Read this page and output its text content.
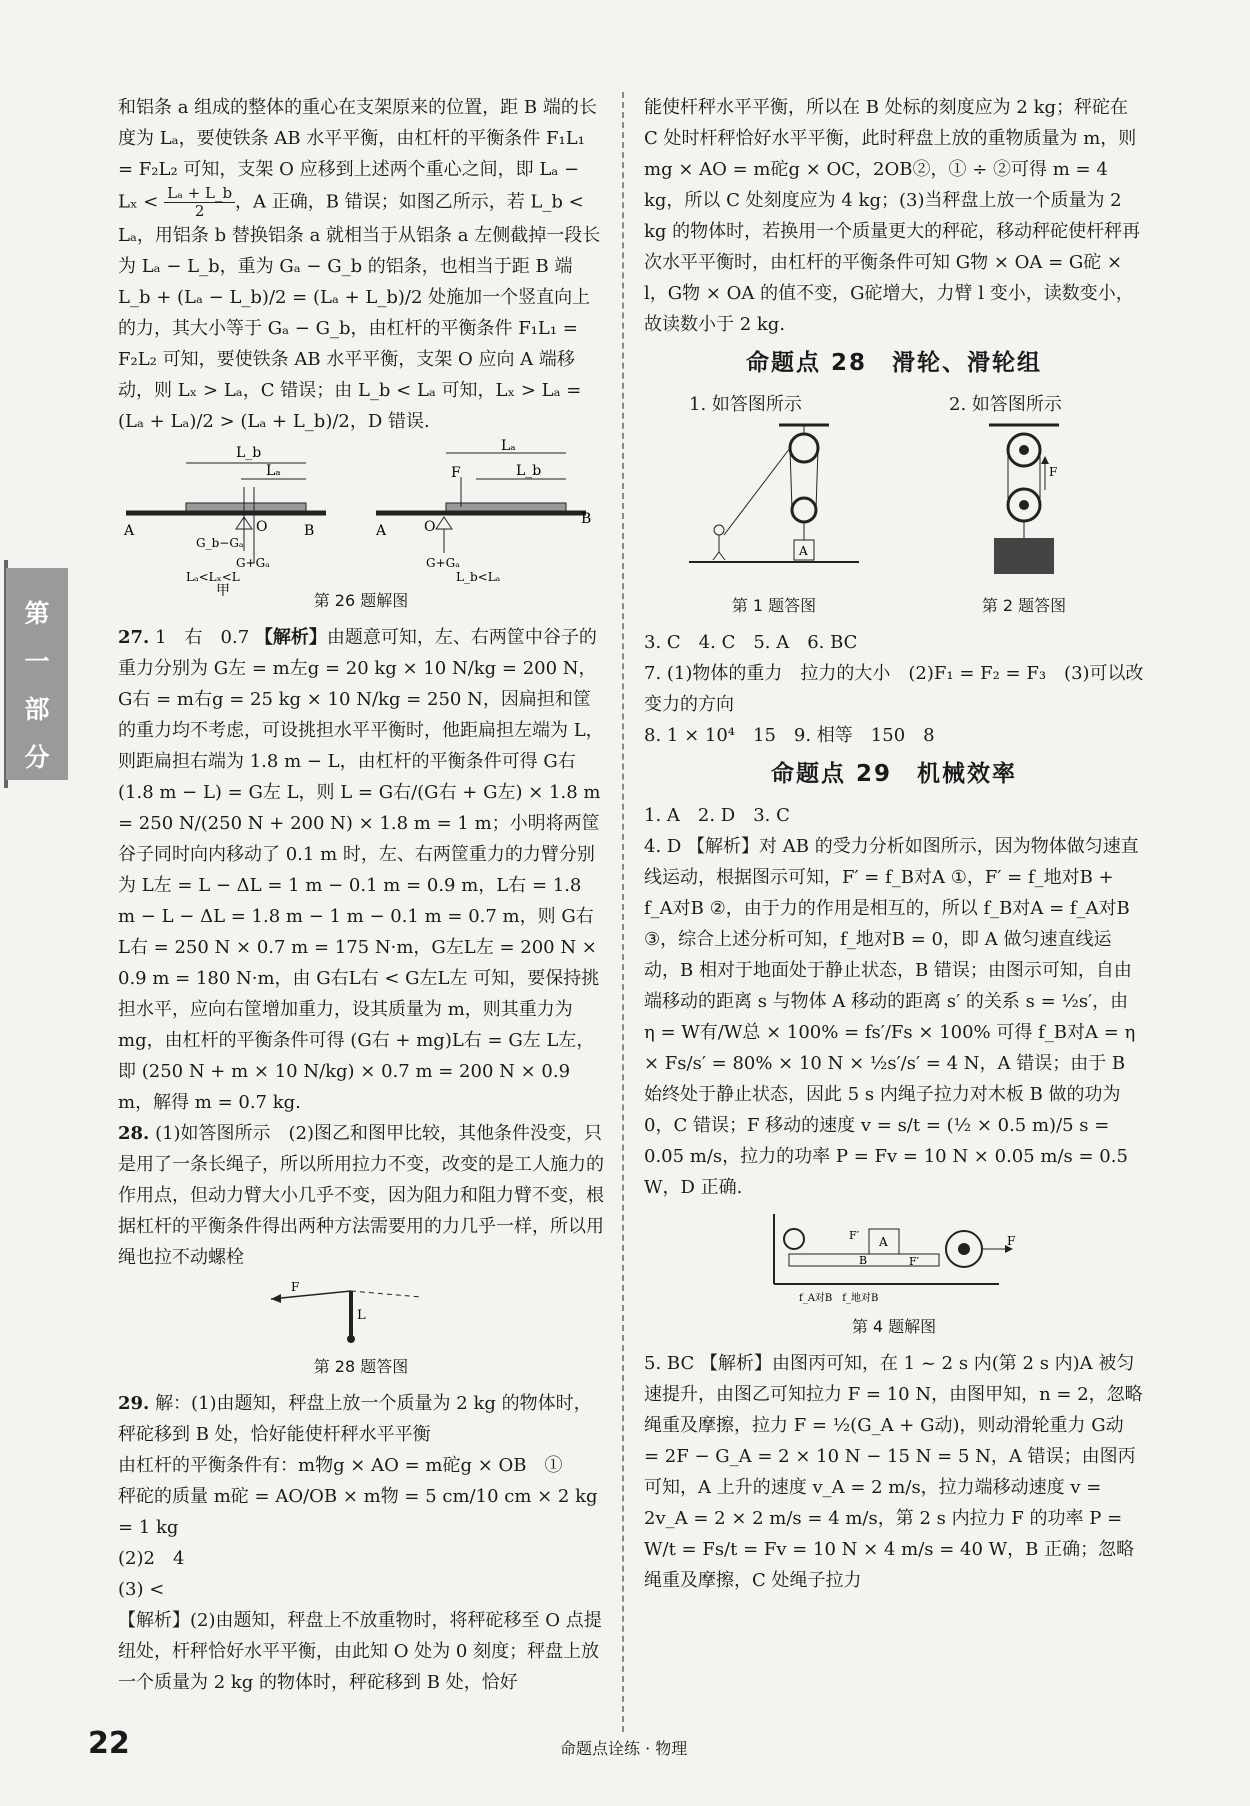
第一部分

和铝条 a 组成的整体的重心在支架原来的位置，距 B 端的长度为 Lₐ，要使铁条 AB 水平平衡，由杠杆的平衡条件 F₁L₁ = F₂L₂ 可知，支架 O 应移到上述两个重心之间，即 $L_a - L_x < \frac{\text{Lₐ + L\_b}}{2}$ ，A 正确，B 错误；如图乙所示，若 L_b < Lₐ，用铝条 b 替换铝条 a 就相当于从铝条 a 左侧截掉一段长为 Lₐ − L_b，重为 Gₐ − G_b 的铝条，也相当于距 B 端 L_b + (Lₐ − L_b)/2 = (Lₐ + L_b)/2 处施加一个竖直向上的力，其大小等于 Gₐ − G_b，由杠杆的平衡条件 F₁L₁ = F₂L₂ 可知，要使铁条 AB 水平平衡，支架 O 应向 A 端移动，则 Lₓ > Lₐ，C 错误；由 L_b < Lₐ 可知，Lₓ > Lₐ = (Lₐ + Lₐ)/2 > (Lₐ + L_b)/2，D 错误.

L_b
Lₐ
A	B
O
G_b−Gₐ
G+Gₐ
Lₐ<Lₓ<L
甲
Lₐ
L_b
F
A
B
O
G+Gₐ
L_b<Lₐ
第 26 题解图

27. 1　右　0.7 【解析】由题意可知，左、右两筐中谷子的重力分别为 G左 = m左g = 20 kg × 10 N/kg = 200 N，G右 = m右g = 25 kg × 10 N/kg = 250 N，因扁担和筐的重力均不考虑，可设挑担水平平衡时，他距扁担左端为 L，则距扁担右端为 1.8 m − L，由杠杆的平衡条件可得 G右(1.8 m − L) = G左 L，则 L = G右/(G右 + G左) × 1.8 m = 250 N/(250 N + 200 N) × 1.8 m = 1 m；小明将两筐谷子同时向内移动了 0.1 m 时，左、右两筐重力的力臂分别为 L左 = L − ΔL = 1 m − 0.1 m = 0.9 m，L右 = 1.8 m − L − ΔL = 1.8 m − 1 m − 0.1 m = 0.7 m，则 G右L右 = 250 N × 0.7 m = 175 N·m，G左L左 = 200 N × 0.9 m = 180 N·m，由 G右L右 < G左L左 可知，要保持挑担水平，应向右筐增加重力，设其质量为 m，则其重力为 mg，由杠杆的平衡条件可得 (G右 + mg)L右 = G左 L左，即 (250 N + m × 10 N/kg) × 0.7 m = 200 N × 0.9 m，解得 m = 0.7 kg.

28. (1)如答图所示　(2)图乙和图甲比较，其他条件没变，只是用了一条长绳子，所以所用拉力不变，改变的是工人施力的作用点，但动力臂大小几乎不变，因为阻力和阻力臂不变，根据杠杆的平衡条件得出两种方法需要用的力几乎一样，所以用绳也拉不动螺栓

F
L
第 28 题答图

29. 解：(1)由题知，秤盘上放一个质量为 2 kg 的物体时，秤砣移到 B 处，恰好能使杆秤水平平衡

由杠杆的平衡条件有：m物g × AO = m砣g × OB　①

秤砣的质量 m砣 = AO/OB × m物 = 5 cm/10 cm × 2 kg = 1 kg

(2)2　4

(3) <

【解析】(2)由题知，秤盘上不放重物时，将秤砣移至 O 点提纽处，杆秤恰好水平平衡，由此知 O 处为 0 刻度；秤盘上放一个质量为 2 kg 的物体时，秤砣移到 B 处，恰好

能使杆秤水平平衡，所以在 B 处标的刻度应为 2 kg；秤砣在 C 处时杆秤恰好水平平衡，此时秤盘上放的重物质量为 m，则 mg × AO = m砣g × OC，2OB②，① ÷ ②可得 m = 4 kg，所以 C 处刻度应为 4 kg；(3)当秤盘上放一个质量为 2 kg 的物体时，若换用一个质量更大的秤砣，移动秤砣使杆秤再次水平平衡时，由杠杆的平衡条件可知 G物 × OA = G砣 × l，G物 × OA 的值不变，G砣增大，力臂 l 变小，读数变小，故读数小于 2 kg.

命题点 28　滑轮、滑轮组

1. 如答图所示

A
第 1 题答图

2. 如答图所示

F
第 2 题答图

3. C　4. C　5. A　6. BC

7. (1)物体的重力　拉力的大小　(2)F₁ = F₂ = F₃　(3)可以改变力的方向

8. 1 × 10⁴　15　9. 相等　150　8

命题点 29　机械效率

1. A　2. D　3. C

4. D 【解析】对 AB 的受力分析如图所示，因为物体做匀速直线运动，根据图示可知，F′ = f_B对A ①，F′ = f_地对B + f_A对B ②，由于力的作用是相互的，所以 f_B对A = f_A对B ③，综合上述分析可知，f_地对B = 0，即 A 做匀速直线运动，B 相对于地面处于静止状态，B 错误；由图示可知，自由端移动的距离 s 与物体 A 移动的距离 s′ 的关系 s = ½s′，由 η = W有/W总 × 100% = fs′/Fs × 100% 可得 f_B对A = η × Fs/s′ = 80% × 10 N × ½s′/s′ = 4 N，A 错误；由于 B 始终处于静止状态，因此 5 s 内绳子拉力对木板 B 做的功为 0，C 错误；F 移动的速度 v = s/t = (½ × 0.5 m)/5 s = 0.05 m/s，拉力的功率 P = Fv = 10 N × 0.05 m/s = 0.5 W，D 正确.

A	F
F′
B	F′
f_A对B　f_地对B
第 4 题解图

5. BC 【解析】由图丙可知，在 1 ~ 2 s 内(第 2 s 内)A 被匀速提升，由图乙可知拉力 F = 10 N，由图甲知，n = 2，忽略绳重及摩擦，拉力 F = ½(G_A + G动)，则动滑轮重力 G动 = 2F − G_A = 2 × 10 N − 15 N = 5 N，A 错误；由图丙可知，A 上升的速度 v_A = 2 m/s，拉力端移动速度 v = 2v_A = 2 × 2 m/s = 4 m/s，第 2 s 内拉力 F 的功率 P = W/t = Fs/t = Fv = 10 N × 4 m/s = 40 W，B 正确；忽略绳重及摩擦，C 处绳子拉力

22	命题点诠练 · 物理
